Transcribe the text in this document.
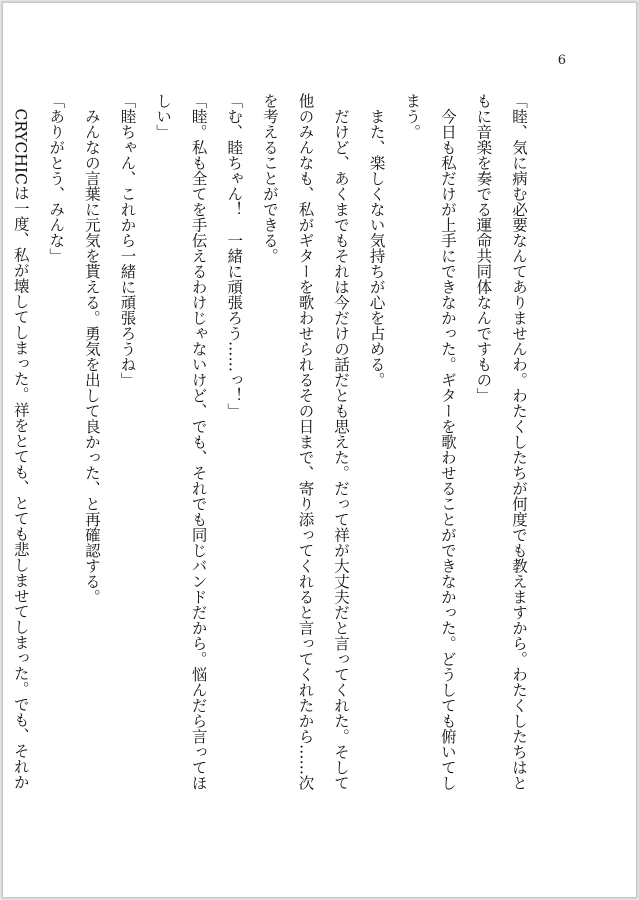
6
「睦、気に病む必要なんてありませんわ。わたくしたちが何度でも教えますから。わたくしたちはと
もに音楽を奏でる運命共同体なんですもの」
　今日も私だけが上手にできなかった。ギターを歌わせることができなかった。どうしても俯いてし
まう。
　また、楽しくない気持ちが心を占める。
　だけど、あくまでもそれは今だけの話だとも思えた。だって祥が大丈夫だと言ってくれた。そして
他のみんなも、私がギターを歌わせられるその日まで、寄り添ってくれると言ってくれたから……次
を考えることができる。
「む、睦ちゃん！　一緒に頑張ろう……っ！」
「睦。私も全てを手伝えるわけじゃないけど、でも、それでも同じバンドだから。悩んだら言ってほ
しい」
「睦ちゃん、これから一緒に頑張ろうね」
　みんなの言葉に元気を貰える。勇気を出して良かった、と再確認する。
「ありがとう、みんな」
　CRYCHICは一度、私が壊してしまった。祥をとても、とても悲しませてしまった。でも、それか
